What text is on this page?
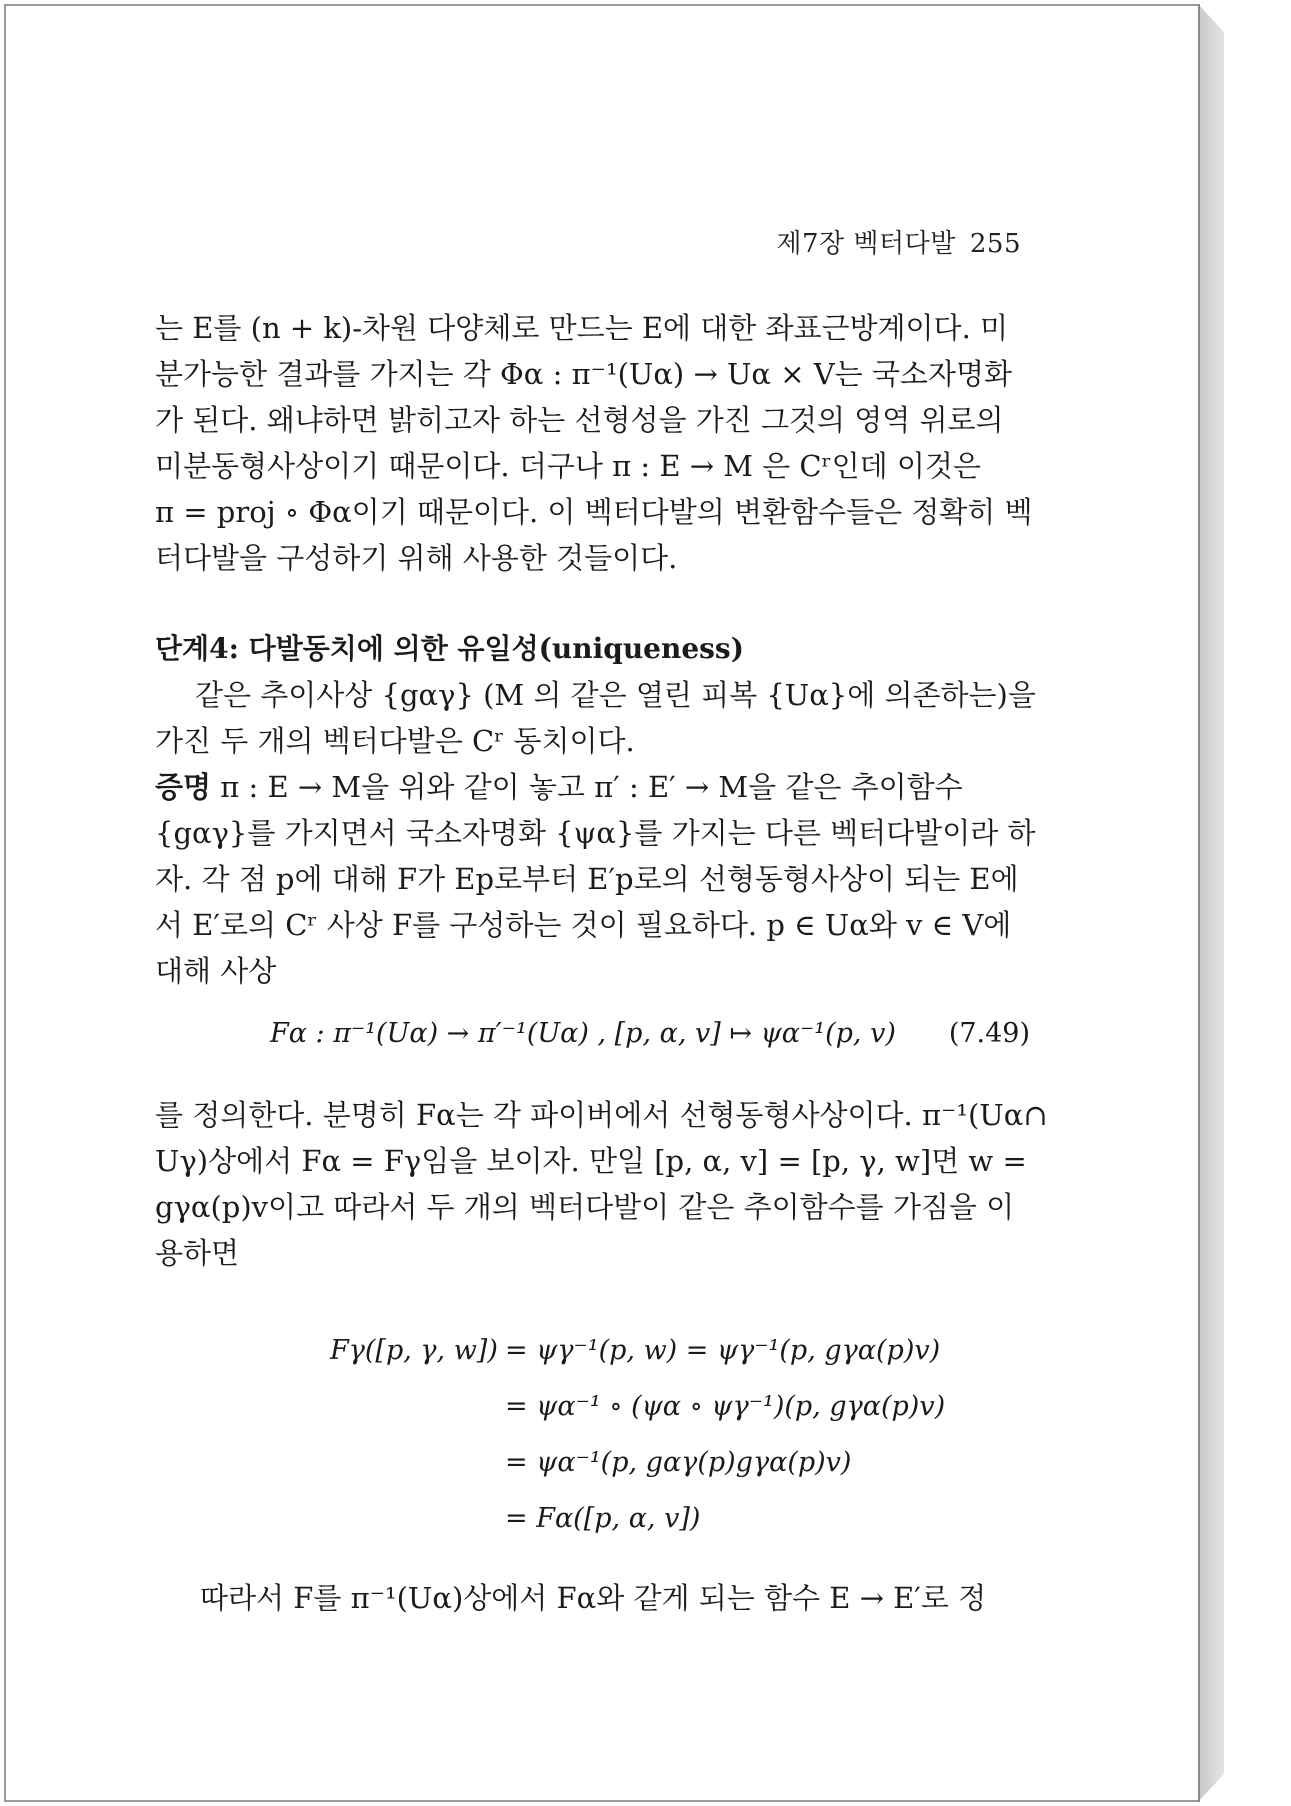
제7장 벡터다발 255
는 E를 (n + k)-차원 다양체로 만드는 E에 대한 좌표근방계이다. 미
분가능한 결과를 가지는 각 Φα : π⁻¹(Uα) → Uα × V는 국소자명화
가 된다. 왜냐하면 밝히고자 하는 선형성을 가진 그것의 영역 위로의
미분동형사상이기 때문이다. 더구나 π : E → M 은 Cʳ인데 이것은
π = proj ∘ Φα이기 때문이다. 이 벡터다발의 변환함수들은 정확히 벡
터다발을 구성하기 위해 사용한 것들이다.
단계4: 다발동치에 의한 유일성(uniqueness)
같은 추이사상 {gαγ} (M 의 같은 열린 피복 {Uα}에 의존하는)을
가진 두 개의 벡터다발은 Cʳ 동치이다.
증명 π : E → M을 위와 같이 놓고 π′ : E′ → M을 같은 추이함수
{gαγ}를 가지면서 국소자명화 {ψα}를 가지는 다른 벡터다발이라 하
자. 각 점 p에 대해 F가 Ep로부터 E′p로의 선형동형사상이 되는 E에
서 E′로의 Cʳ 사상 F를 구성하는 것이 필요하다. p ∈ Uα와 v ∈ V에
대해 사상
Fα : π⁻¹(Uα) → π′⁻¹(Uα) , [p, α, v] ↦ ψα⁻¹(p, v) (7.49)
를 정의한다. 분명히 Fα는 각 파이버에서 선형동형사상이다. π⁻¹(Uα∩
Uγ)상에서 Fα = Fγ임을 보이자. 만일 [p, α, v] = [p, γ, w]면 w =
gγα(p)v이고 따라서 두 개의 벡터다발이 같은 추이함수를 가짐을 이
용하면
Fγ([p, γ, w]) = ψγ⁻¹(p, w) = ψγ⁻¹(p, gγα(p)v)
= ψα⁻¹ ∘ (ψα ∘ ψγ⁻¹)(p, gγα(p)v)
= ψα⁻¹(p, gαγ(p)gγα(p)v)
= Fα([p, α, v])
따라서 F를 π⁻¹(Uα)상에서 Fα와 같게 되는 함수 E → E′로 정
